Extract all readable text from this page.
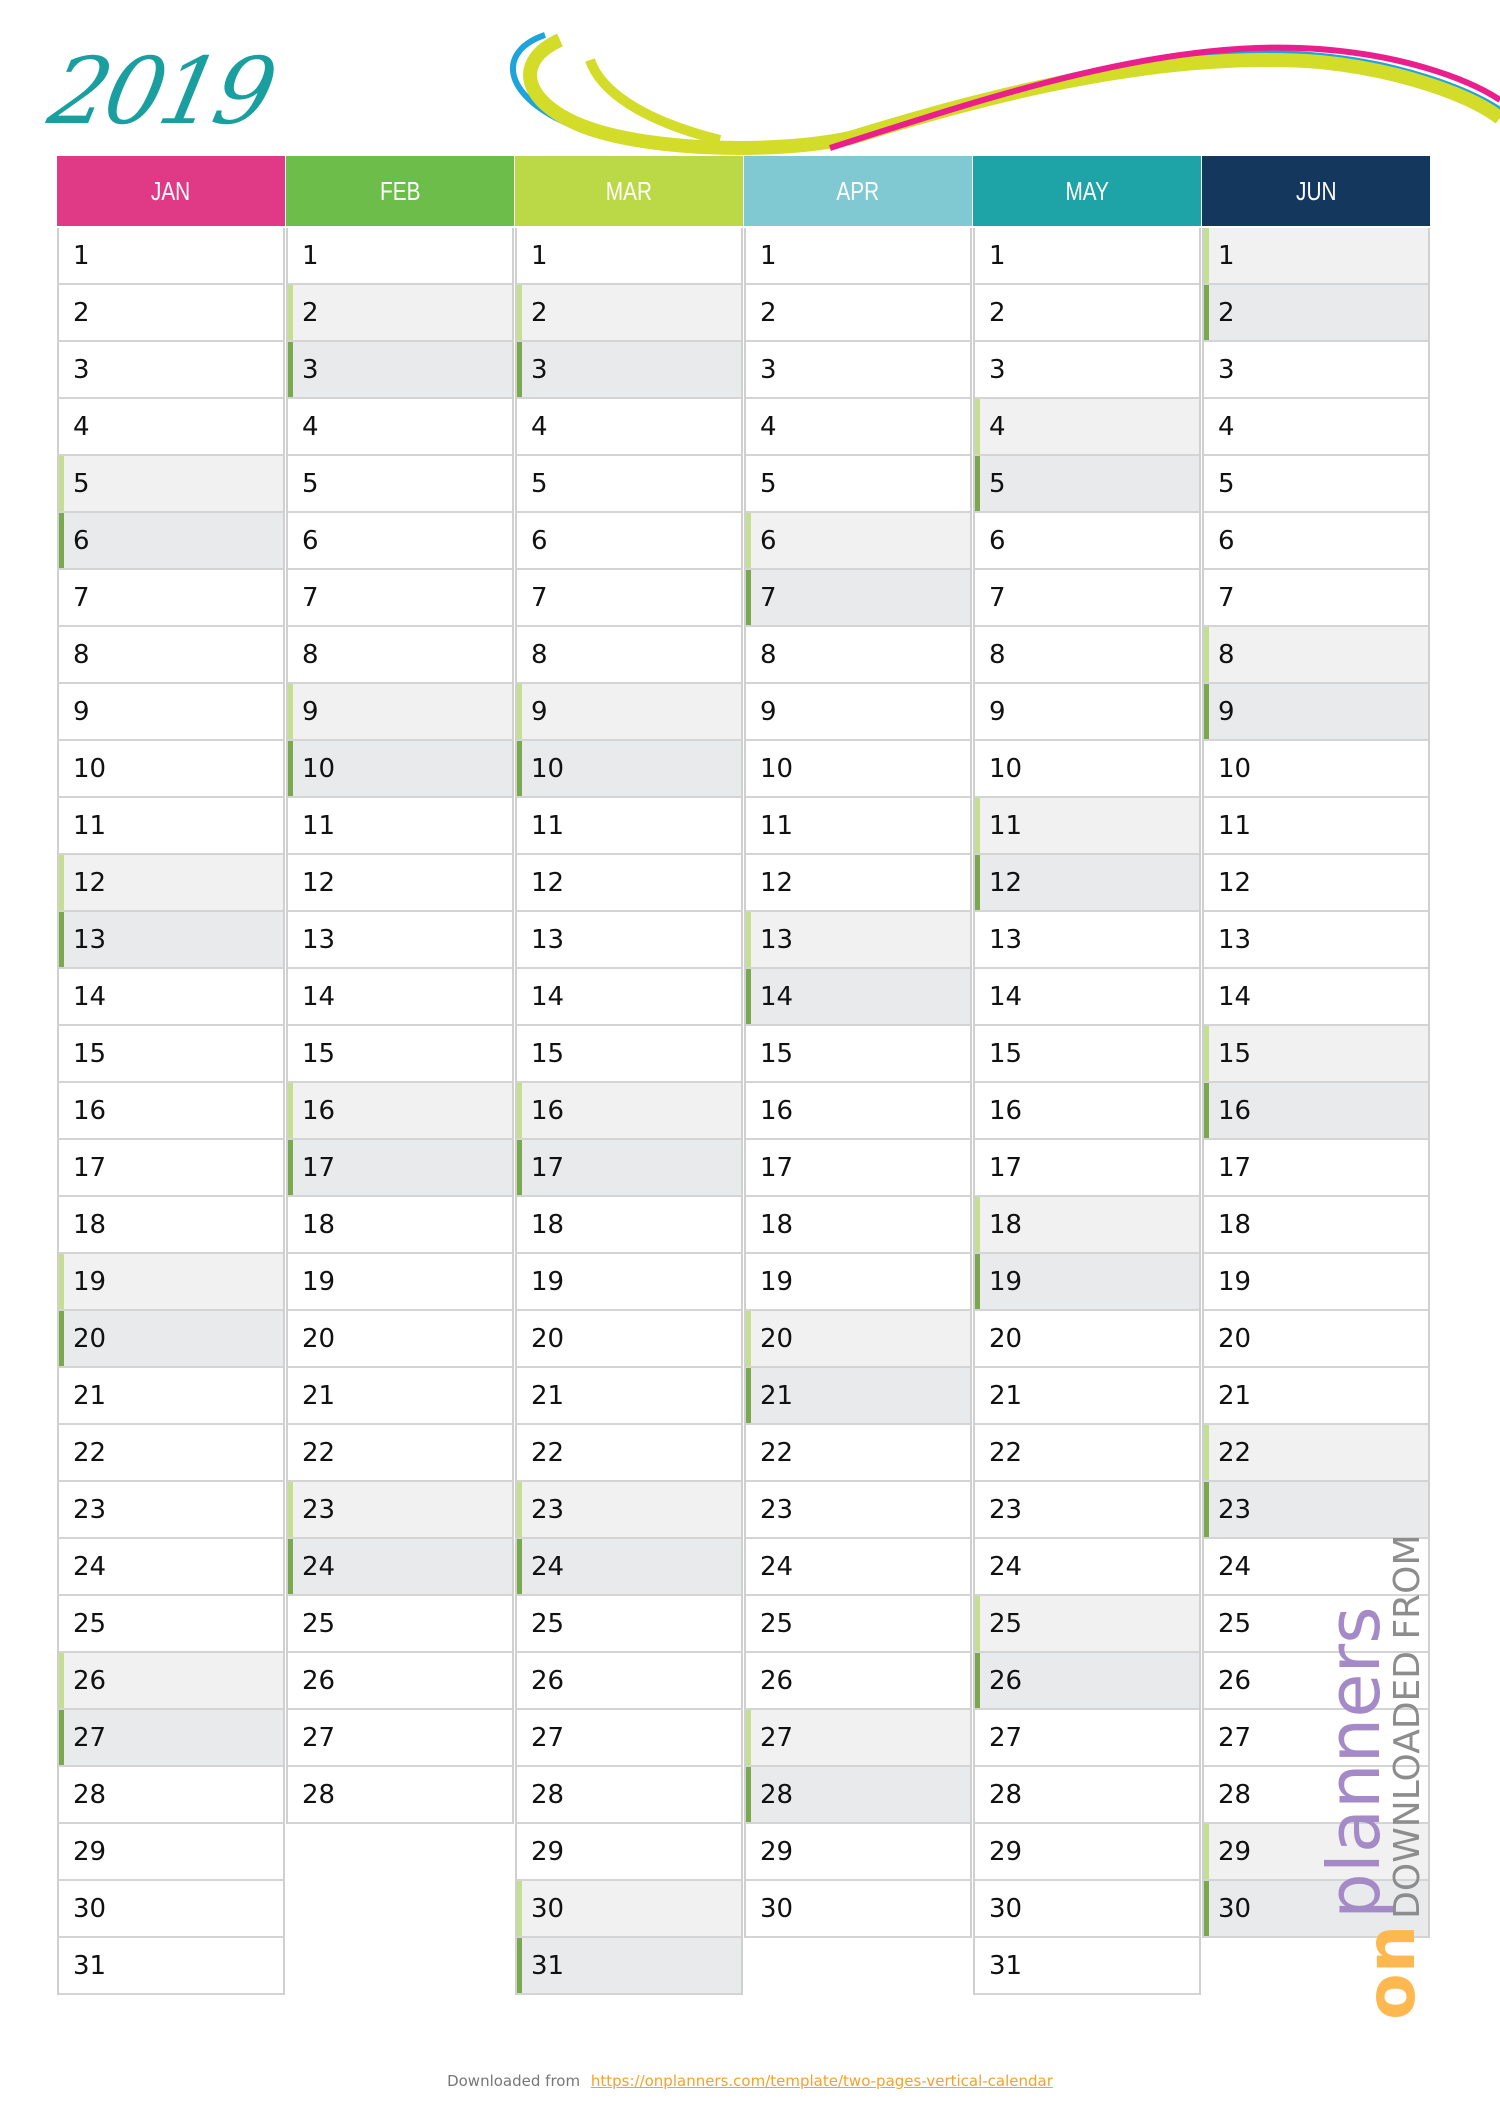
2019
JAN
1
2
3
4
5
6
7
8
9
10
11
12
13
14
15
16
17
18
19
20
21
22
23
24
25
26
27
28
29
30
31
FEB
1
2
3
4
5
6
7
8
9
10
11
12
13
14
15
16
17
18
19
20
21
22
23
24
25
26
27
28
MAR
1
2
3
4
5
6
7
8
9
10
11
12
13
14
15
16
17
18
19
20
21
22
23
24
25
26
27
28
29
30
31
APR
1
2
3
4
5
6
7
8
9
10
11
12
13
14
15
16
17
18
19
20
21
22
23
24
25
26
27
28
29
30
MAY
1
2
3
4
5
6
7
8
9
10
11
12
13
14
15
16
17
18
19
20
21
22
23
24
25
26
27
28
29
30
31
JUN
1
2
3
4
5
6
7
8
9
10
11
12
13
14
15
16
17
18
19
20
21
22
23
24
25
26
27
28
29
30
on
planners
DOWNLOADED FROM
Downloaded from https://onplanners.com/template/two-pages-vertical-calendar
